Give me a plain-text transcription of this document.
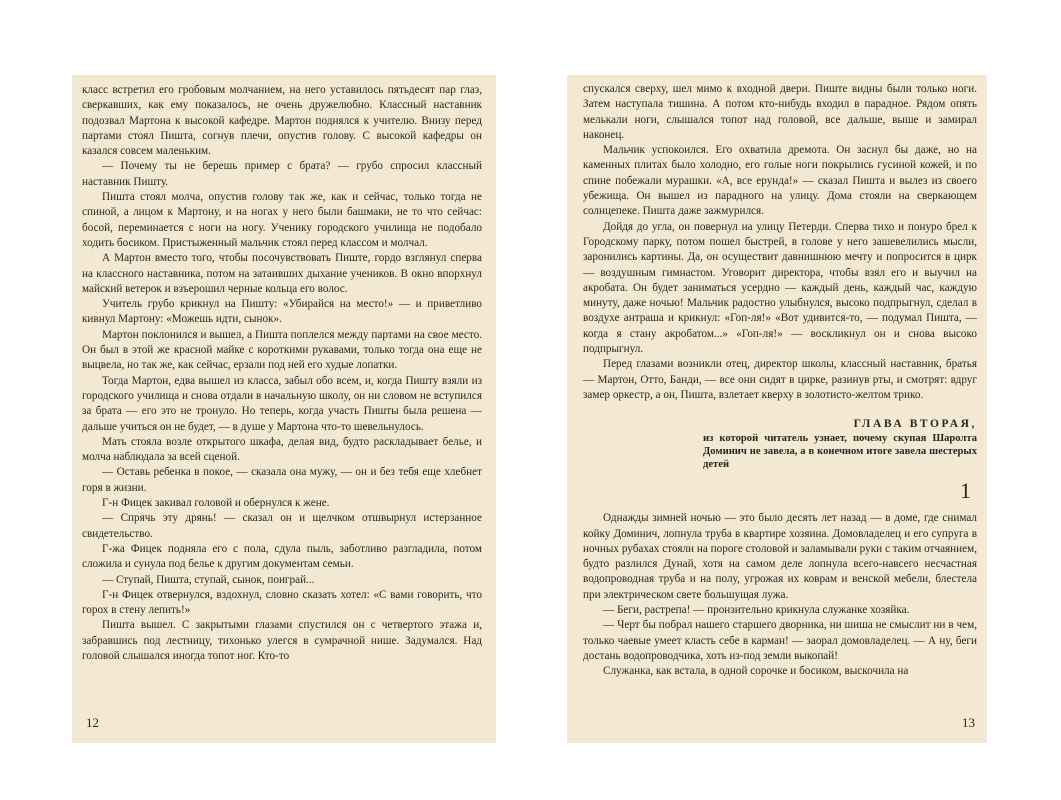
класс встретил его гробовым молчанием, на него уставилось пятьдесят пар глаз, сверкавших, как ему показалось, не очень дружелюбно. Классный наставник подозвал Мартона к высокой кафедре. Мартон поднялся к учителю. Внизу перед партами стоял Пишта, согнув плечи, опустив голову. С высокой кафедры он казался совсем маленьким.

— Почему ты не берешь пример с брата? — грубо спросил классный наставник Пишту.

Пишта стоял молча, опустив голову так же, как и сейчас, только тогда не спиной, а лицом к Мартону, и на ногах у него были башмаки, не то что сейчас: босой, переминается с ноги на ногу. Ученику городского училища не подобало ходить босиком. Пристыженный мальчик стоял перед классом и молчал.

А Мартон вместо того, чтобы посочувствовать Пиште, гордо взглянул сперва на классного наставника, потом на затаивших дыхание учеников. В окно впорхнул майский ветерок и взъерошил черные кольца его волос.

Учитель грубо крикнул на Пишту: «Убирайся на место!» — и приветливо кивнул Мартону: «Можешь идти, сынок».

Мартон поклонился и вышел, а Пишта поплелся между партами на свое место. Он был в этой же красной майке с короткими рукавами, только тогда она еще не выцвела, но так же, как сейчас, ерзали под ней его худые лопатки.

Тогда Мартон, едва вышел из класса, забыл обо всем, и, когда Пишту взяли из городского училища и снова отдали в начальную школу, он ни словом не вступился за брата — его это не тронуло. Но теперь, когда участь Пишты была решена — дальше учиться он не будет, — в душе у Мартона что-то шевельнулось.

Мать стояла возле открытого шкафа, делая вид, будто раскладывает белье, и молча наблюдала за всей сценой.

— Оставь ребенка в покое, — сказала она мужу, — он и без тебя еще хлебнет горя в жизни.

Г-н Фицек закивал головой и обернулся к жене.

— Спрячь эту дрянь! — сказал он и щелчком отшвырнул истерзанное свидетельство.

Г-жа Фицек подняла его с пола, сдула пыль, заботливо разгладила, потом сложила и сунула под белье к другим документам семьи.

— Ступай, Пишта, ступай, сынок, поиграй...

Г-н Фицек отвернулся, вздохнул, словно сказать хотел: «С вами говорить, что горох в стену лепить!»

Пишта вышел. С закрытыми глазами спустился он с четвертого этажа и, забравшись под лестницу, тихонько улегся в сумрачной нише. Задумался. Над головой слышался иногда топот ног. Кто-то

12

спускался сверху, шел мимо к входной двери. Пиште видны были только ноги. Затем наступала тишина. А потом кто-нибудь входил в парадное. Рядом опять мелькали ноги, слышался топот над головой, все дальше, выше и замирал наконец.

Мальчик успокоился. Его охватила дремота. Он заснул бы даже, но на каменных плитах было холодно, его голые ноги покрылись гусиной кожей, и по спине побежали мурашки. «А, все ерунда!» — сказал Пишта и вылез из своего убежища. Он вышел из парадного на улицу. Дома стояли на сверкающем солнцепеке. Пишта даже зажмурился.

Дойдя до угла, он повернул на улицу Петерди. Сперва тихо и понуро брел к Городскому парку, потом пошел быстрей, в голове у него зашевелились мысли, заронились картины. Да, он осуществит давнишнюю мечту и попросится в цирк — воздушным гимнастом. Уговорит директора, чтобы взял его и выучил на акробата. Он будет заниматься усердно — каждый день, каждый час, каждую минуту, даже ночью! Мальчик радостно улыбнулся, высоко подпрыгнул, сделал в воздухе антраша и крикнул: «Гоп-ля!» «Вот удивится-то, — подумал Пишта, — когда я стану акробатом...» «Гоп-ля!» — воскликнул он и снова высоко подпрыгнул.

Перед глазами возникли отец, директор школы, классный наставник, братья — Мартон, Отто, Банди, — все они сидят в цирке, разинув рты, и смотрят: вдруг замер оркестр, а он, Пишта, взлетает кверху в золотисто-желтом трико.

ГЛАВА ВТОРАЯ,
из которой читатель узнает, почему скупая Шаролта Доминич не завела, а в конечном итоге завела шестерых детей
1

Однажды зимней ночью — это было десять лет назад — в доме, где снимал койку Доминич, лопнула труба в квартире хозяина. Домовладелец и его супруга в ночных рубахах стояли на пороге столовой и заламывали руки с таким отчаянием, будто разлился Дунай, хотя на самом деле лопнула всего-навсего несчастная водопроводная труба и на полу, угрожая их коврам и венской мебели, блестела при электрическом свете большущая лужа.

— Беги, растрепа! — пронзительно крикнула служанке хозяйка.

— Черт бы побрал нашего старшего дворника, ни шиша не смыслит ни в чем, только чаевые умеет класть себе в карман! — заорал домовладелец. — А ну, беги достань водопроводчика, хоть из-под земли выкопай!

Служанка, как встала, в одной сорочке и босиком, выскочила на

13
